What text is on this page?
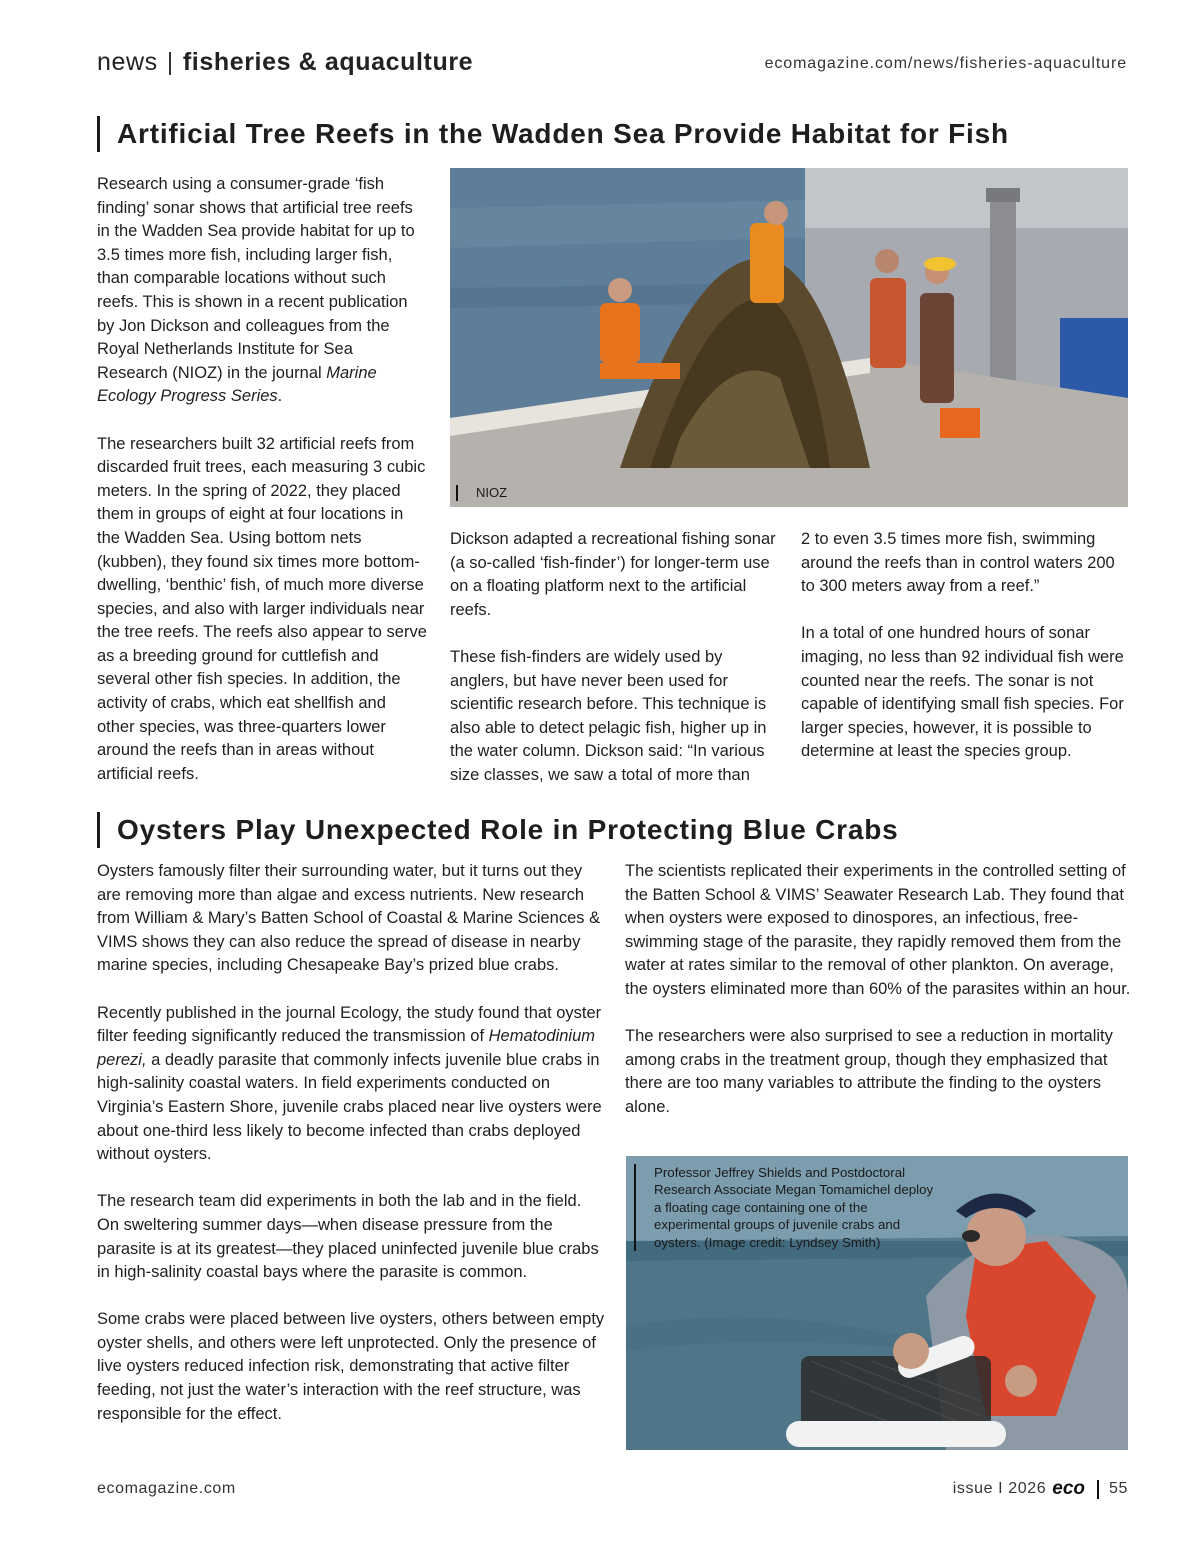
news | fisheries & aquaculture	ecomagazine.com/news/fisheries-aquaculture
Artificial Tree Reefs in the Wadden Sea Provide Habitat for Fish

Research using a consumer-grade ‘fish finding’ sonar shows that artificial tree reefs in the Wadden Sea provide habitat for up to 3.5 times more fish, including larger fish, than comparable locations without such reefs. This is shown in a recent publication by Jon Dickson and colleagues from the Royal Netherlands Institute for Sea Research (NIOZ) in the journal Marine Ecology Progress Series.

The researchers built 32 artificial reefs from discarded fruit trees, each measuring 3 cubic meters. In the spring of 2022, they placed them in groups of eight at four locations in the Wadden Sea. Using bottom nets (kubben), they found six times more bottom-dwelling, ‘benthic’ fish, of much more diverse species, and also with larger individuals near the tree reefs. The reefs also appear to serve as a breeding ground for cuttlefish and several other fish species. In addition, the activity of crabs, which eat shellfish and other species, was three-quarters lower around the reefs than in areas without artificial reefs.

NIOZ

Dickson adapted a recreational fishing sonar (a so-called ‘fish-finder’) for longer-term use on a floating platform next to the artificial reefs.

These fish-finders are widely used by anglers, but have never been used for scientific research before. This technique is also able to detect pelagic fish, higher up in the water column. Dickson said: “In various size classes, we saw a total of more than

2 to even 3.5 times more fish, swimming around the reefs than in control waters 200 to 300 meters away from a reef.”

In a total of one hundred hours of sonar imaging, no less than 92 individual fish were counted near the reefs. The sonar is not capable of identifying small fish species. For larger species, however, it is possible to determine at least the species group.

Oysters Play Unexpected Role in Protecting Blue Crabs

Oysters famously filter their surrounding water, but it turns out they are removing more than algae and excess nutrients. New research from William & Mary’s Batten School of Coastal & Marine Sciences & VIMS shows they can also reduce the spread of disease in nearby marine species, including Chesapeake Bay’s prized blue crabs.

Recently published in the journal Ecology, the study found that oyster filter feeding significantly reduced the transmission of Hematodinium perezi, a deadly parasite that commonly infects juvenile blue crabs in high-salinity coastal waters. In field experiments conducted on Virginia’s Eastern Shore, juvenile crabs placed near live oysters were about one-third less likely to become infected than crabs deployed without oysters.

The research team did experiments in both the lab and in the field. On sweltering summer days—when disease pressure from the parasite is at its greatest—they placed uninfected juvenile blue crabs in high-salinity coastal bays where the parasite is common.

Some crabs were placed between live oysters, others between empty oyster shells, and others were left unprotected. Only the presence of live oysters reduced infection risk, demonstrating that active filter feeding, not just the water’s interaction with the reef structure, was responsible for the effect.

The scientists replicated their experiments in the controlled setting of the Batten School & VIMS’ Seawater Research Lab. They found that when oysters were exposed to dinospores, an infectious, free-swimming stage of the parasite, they rapidly removed them from the water at rates similar to the removal of other plankton. On average, the oysters eliminated more than 60% of the parasites within an hour.

The researchers were also surprised to see a reduction in mortality among crabs in the treatment group, though they emphasized that there are too many variables to attribute the finding to the oysters alone.

Professor Jeffrey Shields and Postdoctoral Research Associate Megan Tomamichel deploy a floating cage containing one of the experimental groups of juvenile crabs and oysters. (Image credit: Lyndsey Smith)
ecomagazine.com	issue I 2026 eco 55
